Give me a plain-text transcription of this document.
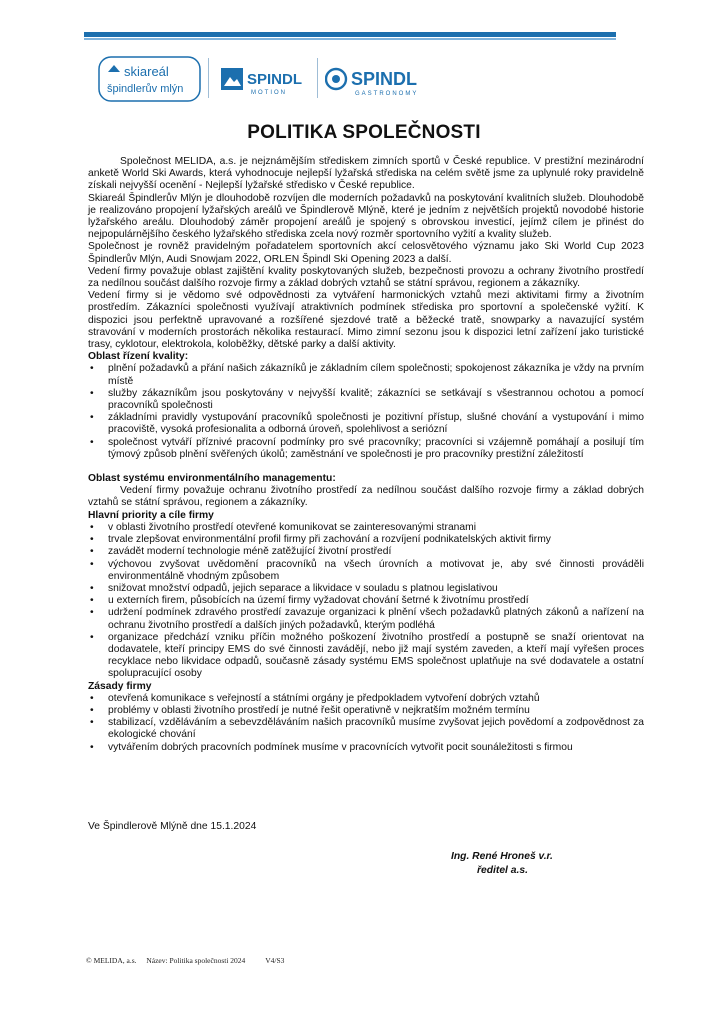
skiareál
špindlerův mlýn
SPINDL
MOTION
SPINDL
GASTRONOMY
POLITIKA SPOLEČNOSTI

Společnost MELIDA, a.s. je nejznámějším střediskem zimních sportů v České republice. V prestižní mezinárodní anketě World Ski Awards, která vyhodnocuje nejlepší lyžařská střediska na celém světě jsme za uplynulé roky pravidelně získali nejvyšší ocenění - Nejlepší lyžařské středisko v České republice.

Skiareál Špindlerův Mlýn je dlouhodobě rozvíjen dle moderních požadavků na poskytování kvalitních služeb. Dlouhodobě je realizováno propojení lyžařských areálů ve Špindlerově Mlýně, které je jedním z největších projektů novodobé historie lyžařského areálu. Dlouhodobý záměr propojení areálů je spojený s obrovskou investicí, jejímž cílem je přinést do nejpopulárnějšího českého lyžařského střediska zcela nový rozměr sportovního vyžití a kvality služeb.

Společnost je rovněž pravidelným pořadatelem sportovních akcí celosvětového významu jako Ski World Cup 2023 Špindlerův Mlýn, Audi Snowjam 2022, ORLEN Špindl Ski Opening 2023 a další.

Vedení firmy považuje oblast zajištění kvality poskytovaných služeb, bezpečnosti provozu a ochrany životního prostředí za nedílnou součást dalšího rozvoje firmy a základ dobrých vztahů se státní správou, regionem a zákazníky.

Vedení firmy si je vědomo své odpovědnosti za vytváření harmonických vztahů mezi aktivitami firmy a životním prostředím. Zákazníci společnosti využívají atraktivních podmínek střediska pro sportovní a společenské vyžití. K dispozici jsou perfektně upravované a rozšířené sjezdové tratě a běžecké tratě, snowparky a navazující systém stravování v moderních prostorách několika restaurací. Mimo zimní sezonu jsou k dispozici letní zařízení jako turistické trasy, cyklotour, elektrokola, koloběžky, dětské parky a další aktivity.

Oblast řízení kvality:

• plnění požadavků a přání našich zákazníků je základním cílem společnosti; spokojenost zákazníka je vždy na prvním místě
• služby zákazníkům jsou poskytovány v nejvyšší kvalitě; zákazníci se setkávají s všestrannou ochotou a pomocí pracovníků společnosti
• základními pravidly vystupování pracovníků společnosti je pozitivní přístup, slušné chování a vystupování i mimo pracoviště, vysoká profesionalita a odborná úroveň, spolehlivost a seriózní
• společnost vytváří příznivé pracovní podmínky pro své pracovníky; pracovníci si vzájemně pomáhají a posilují tím týmový způsob plnění svěřených úkolů; zaměstnání ve společnosti je pro pracovníky prestižní záležitostí

Oblast systému environmentálního managementu:

Vedení firmy považuje ochranu životního prostředí za nedílnou součást dalšího rozvoje firmy a základ dobrých vztahů se státní správou, regionem a zákazníky.

Hlavní priority a cíle firmy

• v oblasti životního prostředí otevřené komunikovat se zainteresovanými stranami
• trvale zlepšovat environmentální profil firmy při zachování a rozvíjení podnikatelských aktivit firmy
• zavádět moderní technologie méně zatěžující životní prostředí
• výchovou zvyšovat uvědomění pracovníků na všech úrovních a motivovat je, aby své činnosti prováděli environmentálně vhodným způsobem
• snižovat množství odpadů, jejich separace a likvidace v souladu s platnou legislativou
• u externích firem, působících na území firmy vyžadovat chování šetrné k životnímu prostředí
• udržení podmínek zdravého prostředí zavazuje organizaci k plnění všech požadavků platných zákonů a nařízení na ochranu životního prostředí a dalších jiných požadavků, kterým podléhá
• organizace předchází vzniku příčin možného poškození životního prostředí a postupně se snaží orientovat na dodavatele, kteří principy EMS do své činnosti zavádějí, nebo již mají systém zaveden, a kteří mají vyřešen proces recyklace nebo likvidace odpadů, současně zásady systému EMS společnost uplatňuje na své dodavatele a ostatní spolupracující osoby

Zásady firmy

• otevřená komunikace s veřejností a státními orgány je předpokladem vytvoření dobrých vztahů
• problémy v oblasti životního prostředí je nutné řešit operativně v nejkratším možném termínu
• stabilizací, vzděláváním a sebevzděláváním našich pracovníků musíme zvyšovat jejich povědomí a zodpovědnost za ekologické chování
• vytvářením dobrých pracovních podmínek musíme v pracovnících vytvořit pocit sounáležitosti s firmou
Ve Špindlerově Mlýně dne 15.1.2024
Ing. René Hroneš v.r.
ředitel a.s.
© MELIDA, a.s. Název: Politika společnosti 2024	V4/S3
